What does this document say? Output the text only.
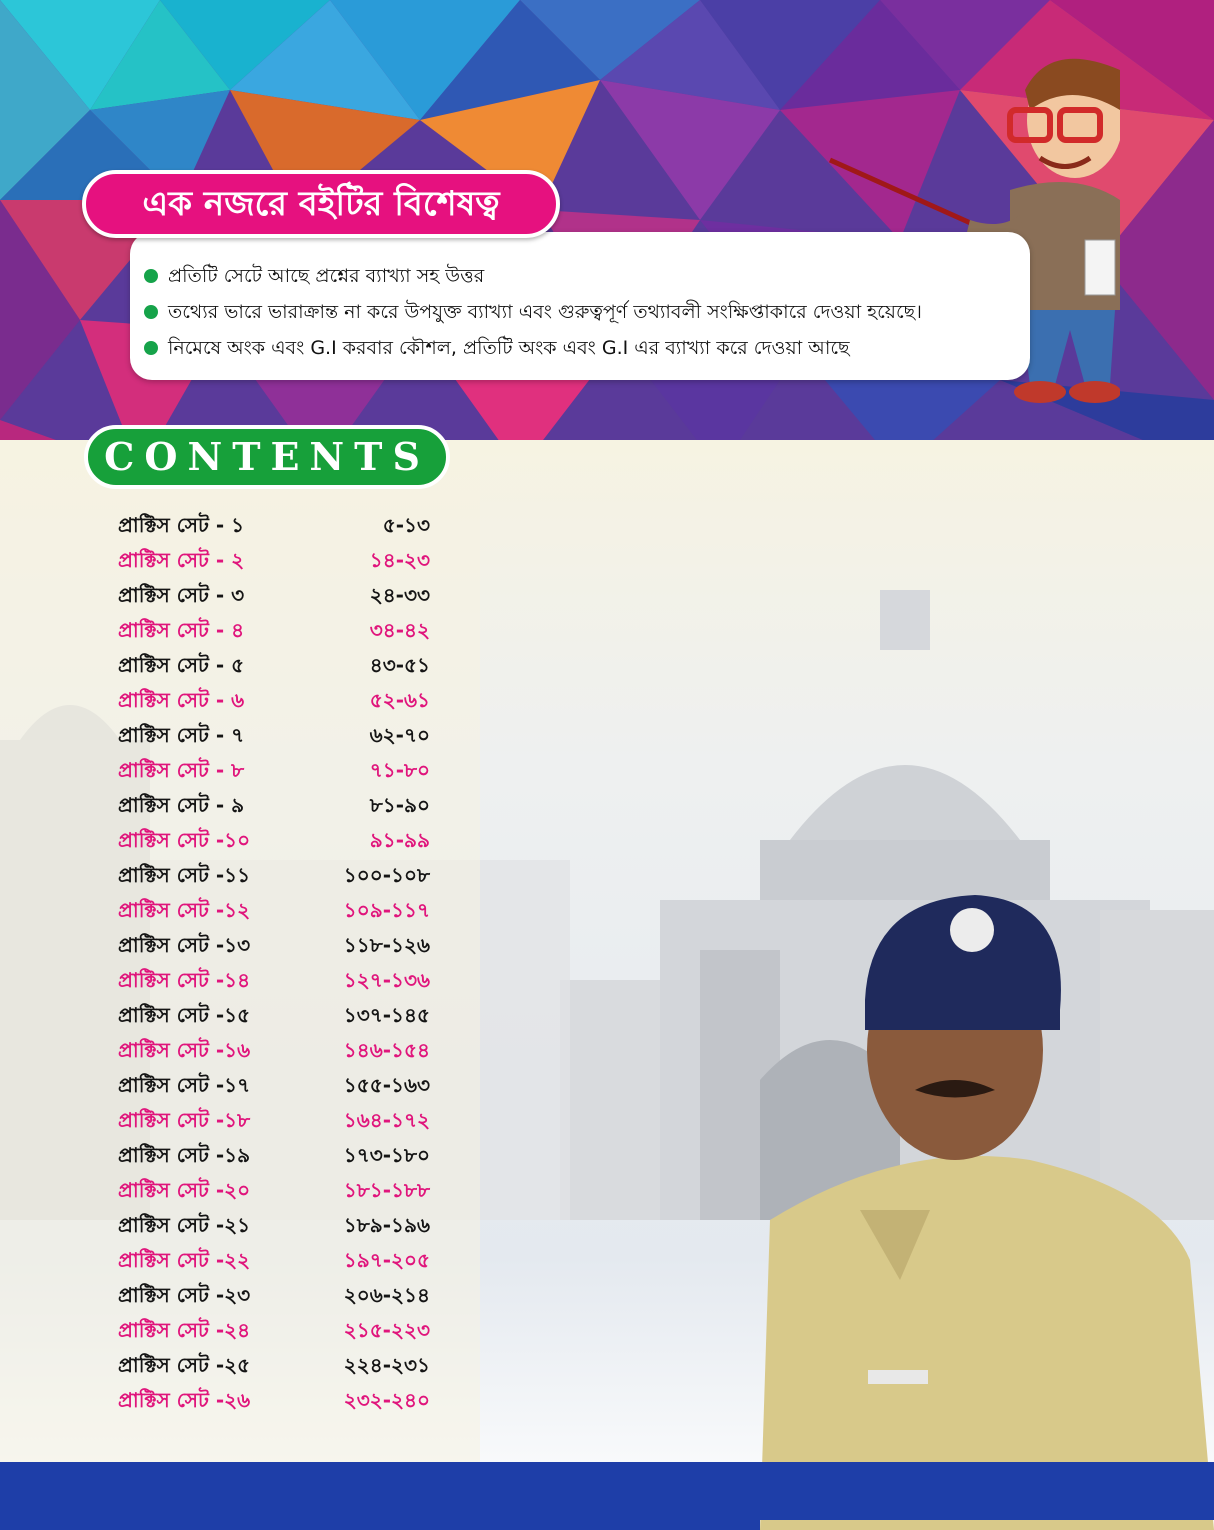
এক নজরে বইটির বিশেষত্ব
প্রতিটি সেটে আছে প্রশ্নের ব্যাখ্যা সহ উত্তর
তথ্যের ভারে ভারাক্রান্ত না করে উপযুক্ত ব্যাখ্যা এবং গুরুত্বপূর্ণ তথ্যাবলী সংক্ষিপ্তাকারে দেওয়া হয়েছে।
নিমেষে অংক এবং G.I করবার কৌশল, প্রতিটি অংক এবং G.I এর ব্যাখ্যা করে দেওয়া আছে
CONTENTS
প্রাক্টিস সেট - ১	৫-১৩
প্রাক্টিস সেট - ২	১৪-২৩
প্রাক্টিস সেট - ৩	২৪-৩৩
প্রাক্টিস সেট - ৪	৩৪-৪২
প্রাক্টিস সেট - ৫	৪৩-৫১
প্রাক্টিস সেট - ৬	৫২-৬১
প্রাক্টিস সেট - ৭	৬২-৭০
প্রাক্টিস সেট - ৮	৭১-৮০
প্রাক্টিস সেট - ৯	৮১-৯০
প্রাক্টিস সেট -১০	৯১-৯৯
প্রাক্টিস সেট -১১	১০০-১০৮
প্রাক্টিস সেট -১২	১০৯-১১৭
প্রাক্টিস সেট -১৩	১১৮-১২৬
প্রাক্টিস সেট -১৪	১২৭-১৩৬
প্রাক্টিস সেট -১৫	১৩৭-১৪৫
প্রাক্টিস সেট -১৬	১৪৬-১৫৪
প্রাক্টিস সেট -১৭	১৫৫-১৬৩
প্রাক্টিস সেট -১৮	১৬৪-১৭২
প্রাক্টিস সেট -১৯	১৭৩-১৮০
প্রাক্টিস সেট -২০	১৮১-১৮৮
প্রাক্টিস সেট -২১	১৮৯-১৯৬
প্রাক্টিস সেট -২২	১৯৭-২০৫
প্রাক্টিস সেট -২৩	২০৬-২১৪
প্রাক্টিস সেট -২৪	২১৫-২২৩
প্রাক্টিস সেট -২৫	২২৪-২৩১
প্রাক্টিস সেট -২৬	২৩২-২৪০
